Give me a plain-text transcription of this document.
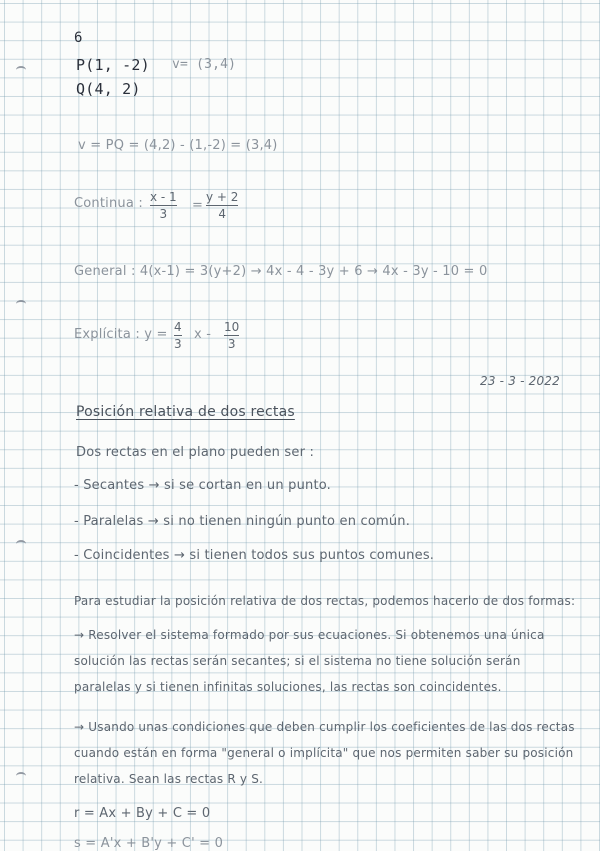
6
P(1, -2) v= (3,4)
Q(4, 2)
v = PQ = (4,2) - (1,-2) = (3,4)
Continua : x - 1
3
=
y + 2
4
General : 4(x-1) = 3(y+2) → 4x - 4 - 3y + 6 → 4x - 3y - 10 = 0
Explícita : y = 4
3
x - 10
3
23 - 3 - 2022
Posición relativa de dos rectas
Dos rectas en el plano pueden ser :
- Secantes → si se cortan en un punto.
- Paralelas → si no tienen ningún punto en común.
- Coincidentes → si tienen todos sus puntos comunes.
Para estudiar la posición relativa de dos rectas, podemos hacerlo de dos formas:
→ Resolver el sistema formado por sus ecuaciones. Si obtenemos una única
solución las rectas serán secantes; si el sistema no tiene solución serán
paralelas y si tienen infinitas soluciones, las rectas son coincidentes.
→ Usando unas condiciones que deben cumplir los coeficientes de las dos rectas
cuando están en forma "general o implícita" que nos permiten saber su posición
relativa. Sean las rectas R y S.
r = Ax + By + C = 0
s = A'x + B'y + C' = 0
